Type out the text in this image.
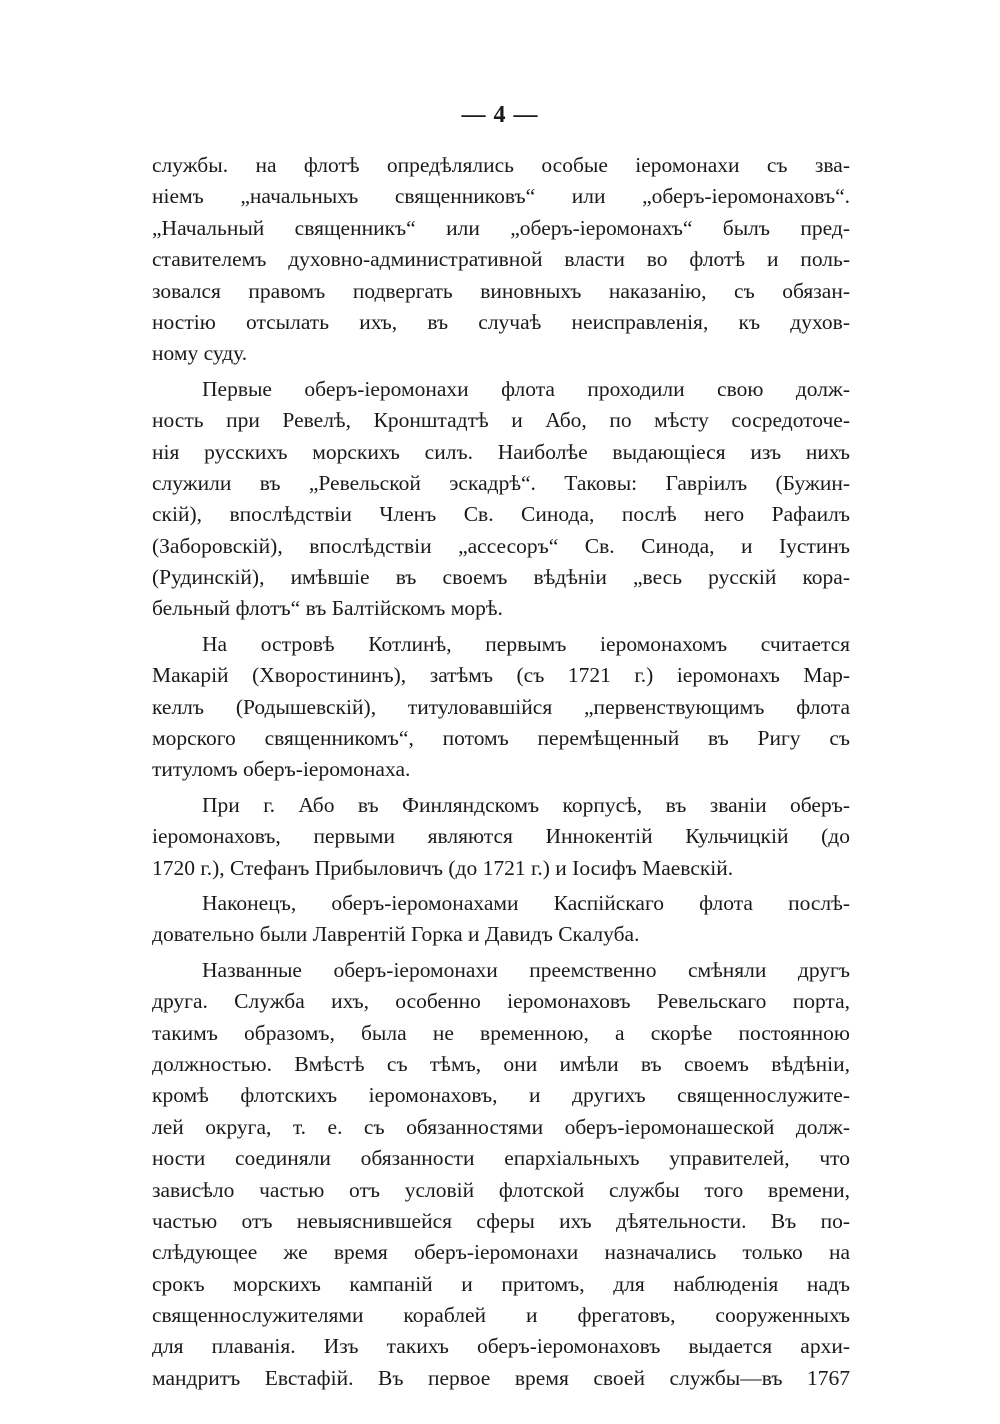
— 4 —
службы. на флотѣ опредѣлялись особые іеромонахи съ зва-
ніемъ „начальныхъ священниковъ“ или „оберъ-іеромонаховъ“.
„Начальный священникъ“ или „оберъ-іеромонахъ“ былъ пред-
ставителемъ духовно-административной власти во флотѣ и поль-
зовался правомъ подвергать виновныхъ наказанію, съ обязан-
ностію отсылать ихъ, въ случаѣ неисправленія, къ духов-
ному суду.
Первые оберъ-іеромонахи флота проходили свою долж-
ность при Ревелѣ, Кронштадтѣ и Або, по мѣсту сосредоточе-
нія русскихъ морскихъ силъ. Наиболѣе выдающіеся изъ нихъ
служили въ „Ревельской эскадрѣ“. Таковы: Гавріилъ (Бужин-
скій), впослѣдствіи Членъ Св. Синода, послѣ него Рафаилъ
(Заборовскій), впослѣдствіи „ассесоръ“ Св. Синода, и Іустинъ
(Рудинскій), имѣвшіе въ своемъ вѣдѣніи „весь русскій кора-
бельный флотъ“ въ Балтійскомъ морѣ.
На островѣ Котлинѣ, первымъ іеромонахомъ считается
Макарій (Хворостининъ), затѣмъ (съ 1721 г.) іеромонахъ Мар-
келлъ (Родышевскій), титуловавшійся „первенствующимъ флота
морского священникомъ“, потомъ перемѣщенный въ Ригу съ
титуломъ оберъ-іеромонаха.
При г. Або въ Финляндскомъ корпусѣ, въ званіи оберъ-
іеромонаховъ, первыми являются Иннокентій Кульчицкій (до
1720 г.), Стефанъ Прибыловичъ (до 1721 г.) и Іосифъ Маевскій.
Наконецъ, оберъ-іеромонахами Каспійскаго флота послѣ-
довательно были Лаврентій Горка и Давидъ Скалуба.
Названные оберъ-іеромонахи преемственно смѣняли другъ
друга. Служба ихъ, особенно іеромонаховъ Ревельскаго порта,
такимъ образомъ, была не временною, а скорѣе постоянною
должностью. Вмѣстѣ съ тѣмъ, они имѣли въ своемъ вѣдѣніи,
кромѣ флотскихъ іеромонаховъ, и другихъ священнослужите-
лей округа, т. е. съ обязанностями оберъ-іеромонашеской долж-
ности соединяли обязанности епархіальныхъ управителей, что
зависѣло частью отъ условій флотской службы того времени,
частью отъ невыяснившейся сферы ихъ дѣятельности. Въ по-
слѣдующее же время оберъ-іеромонахи назначались только на
срокъ морскихъ кампаній и притомъ, для наблюденія надъ
священнослужителями кораблей и фрегатовъ, сооруженныхъ
для плаванія. Изъ такихъ оберъ-іеромонаховъ выдается архи-
мандритъ Евстафій. Въ первое время своей службы—въ 1767
